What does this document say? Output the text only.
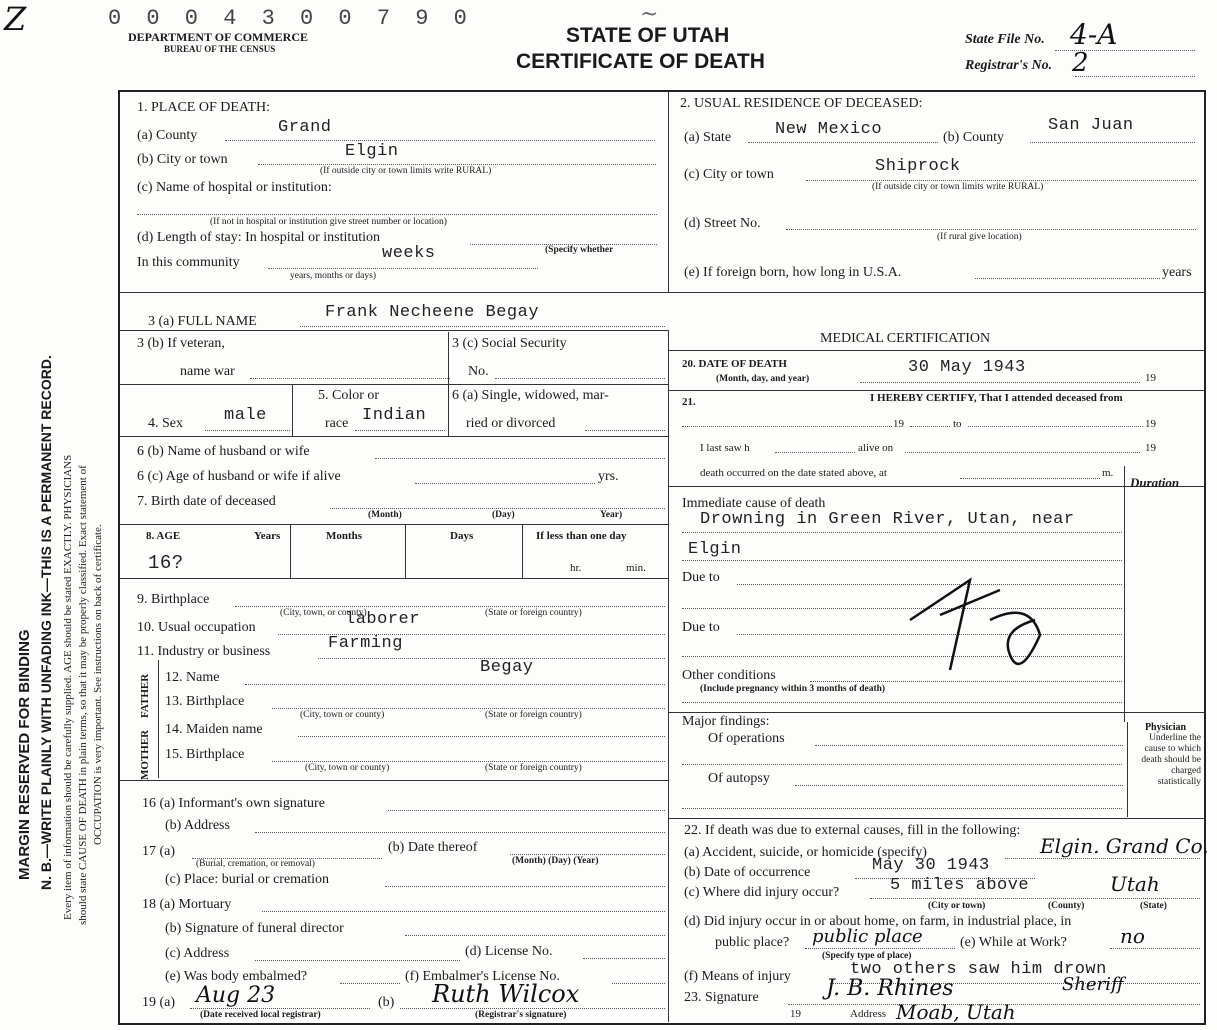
Z	0 0 0 4 3 0 0 7 9 0	~
DEPARTMENT OF COMMERCE
BUREAU OF THE CENSUS
STATE OF UTAH
CERTIFICATE OF DEATH
State File No. 4-A
Registrar's No. 2
MARGIN RESERVED FOR BINDING N. B.—WRITE PLAINLY WITH UNFADING INK—THIS IS A PERMANENT RECORD. Every item of information should be carefully supplied. AGE should be stated EXACTLY. PHYSICIANS should state CAUSE OF DEATH in plain terms, so that it may be properly classified. Exact statement of OCCUPATION is very important. See instructions on back of certificate.
1. PLACE OF DEATH:
(a) County	Grand
(b) City or town	Elgin
(If outside city or town limits write RURAL)
(c) Name of hospital or institution:
(If not in hospital or institution give street number or location)
(d) Length of stay: In hospital or institution
In this community	weeks	(Specify whether
years, months or days)
2. USUAL RESIDENCE OF DECEASED:
(a) State	New Mexico	(b) County
San Juan
(c) City or town	Shiprock
(If outside city or town limits write RURAL)
(d) Street No.
(If rural give location)
(e) If foreign born, how long in U.S.A.	years
3 (a) FULL NAME	Frank Necheene Begay
MEDICAL CERTIFICATION
3 (b) If veteran,
name war
3 (c) Social Security
No.
4. Sex male
5. Color or
race Indian
6 (a) Single, widowed, mar-
ried or divorced
6 (b) Name of husband or wife
6 (c) Age of husband or wife if alive	yrs.
7. Birth date of deceased
(Month)	(Day)	Year)
8. AGE
16?
Years	Months	Days	If less than one day
hr.	min.
9. Birthplace
(City, town, or county)	(State or foreign country)
10. Usual occupation	laborer
11. Industry or business	Farming
FATHER
MOTHER
12. Name
Begay
13. Birthplace
(City, town or county)	(State or foreign country)
14. Maiden name
15. Birthplace
(City, town or county)	(State or foreign country)
16 (a) Informant's own signature
(b) Address
17 (a)
(Burial, cremation, or removal)
(b) Date thereof
(Month) (Day) (Year)
(c) Place: burial or cremation
18 (a) Mortuary
(b) Signature of funeral director
(c) Address	(d) License No.
(e) Was body embalmed?	(f) Embalmer's License No.
19 (a) Aug 23	(b) Ruth Wilcox
(Date received local registrar)	(Registrar's signature)
20. DATE OF DEATH
(Month, day, and year)
30 May 1943
19
21.	I HEREBY CERTIFY, That I attended deceased from
19	to	19
I last saw h	alive on	19
death occurred on the date stated above, at	m.
Duration
Immediate cause of death
Drowning in Green River, Utan, near
Elgin
Due to
Due to
Other conditions
(Include pregnancy within 3 months of death)
Major findings:
Of operations
Of autopsy
Physician
Underline the cause to which death should be charged statistically
22. If death was due to external causes, fill in the following:
(a) Accident, suicide, or homicide (specify)	Elgin. Grand Co.
(b) Date of occurrence	May 30 1943
(c) Where did injury occur?	5 miles above	Utah
(City or town)	(County)	(State)
(d) Did injury occur in or about home, on farm, in industrial place, in
public place? public place
(Specify type of place)
(e) While at Work?	no
(f) Means of injury	two others saw him drown
23. Signature	J. B. Rhines	Sheriff
19	Address Moab, Utah
